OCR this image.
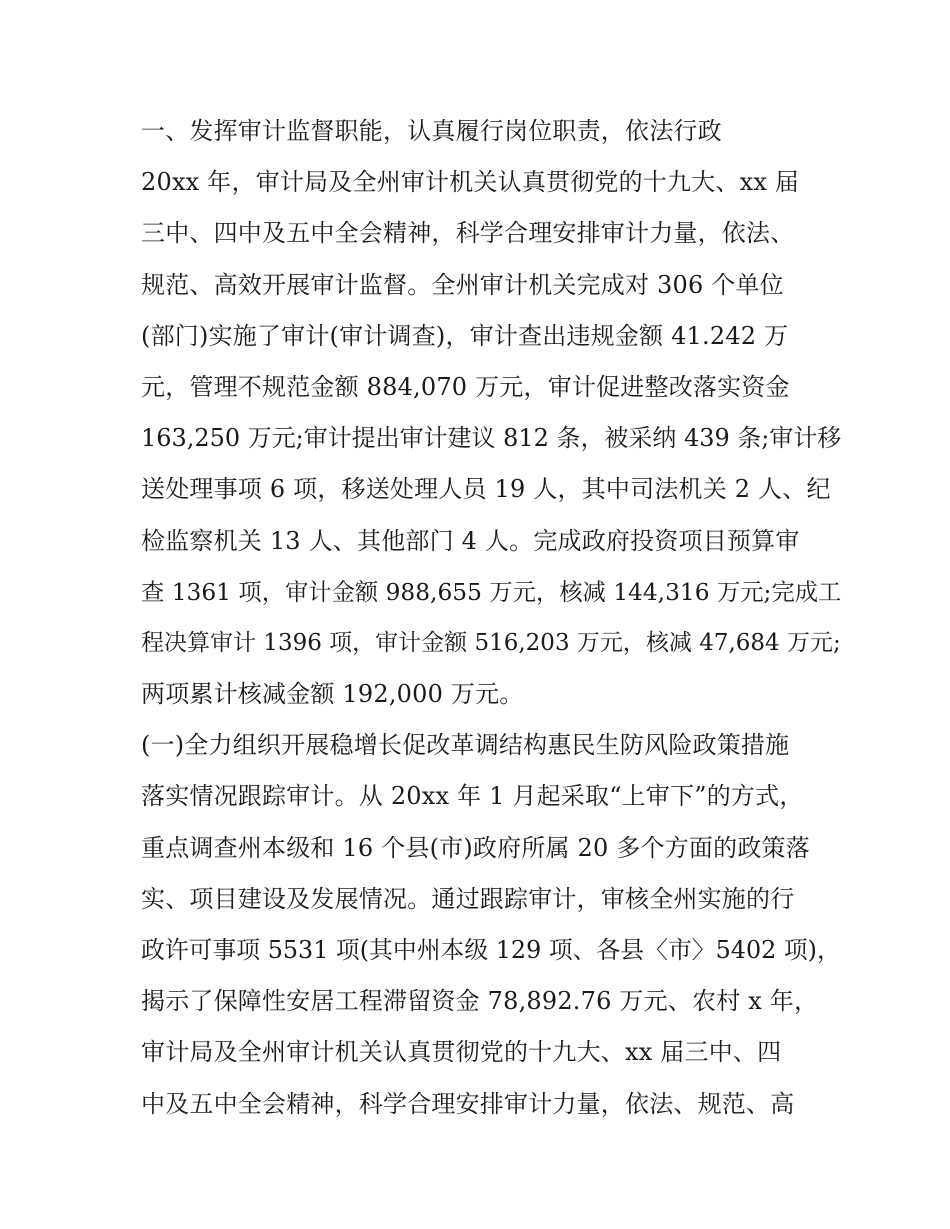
一、发挥审计监督职能，认真履行岗位职责，依法行政
20xx 年，审计局及全州审计机关认真贯彻党的十九大、xx 届
三中、四中及五中全会精神，科学合理安排审计力量，依法、
规范、高效开展审计监督。全州审计机关完成对 306 个单位
(部门)实施了审计(审计调查)，审计查出违规金额 41.242 万
元，管理不规范金额 884,070 万元，审计促进整改落实资金
163,250 万元;审计提出审计建议 812 条，被采纳 439 条;审计移
送处理事项 6 项，移送处理人员 19 人，其中司法机关 2 人、纪
检监察机关 13 人、其他部门 4 人。完成政府投资项目预算审
查 1361 项，审计金额 988,655 万元，核减 144,316 万元;完成工
程决算审计 1396 项，审计金额 516,203 万元，核减 47,684 万元;
两项累计核减金额 192,000 万元。
(一)全力组织开展稳增长促改革调结构惠民生防风险政策措施
落实情况跟踪审计。从 20xx 年 1 月起采取“上审下”的方式，
重点调查州本级和 16 个县(市)政府所属 20 多个方面的政策落
实、项目建设及发展情况。通过跟踪审计，审核全州实施的行
政许可事项 5531 项(其中州本级 129 项、各县〈市〉5402 项)，
揭示了保障性安居工程滞留资金 78,892.76 万元、农村 x 年，
审计局及全州审计机关认真贯彻党的十九大、xx 届三中、四
中及五中全会精神，科学合理安排审计力量，依法、规范、高
